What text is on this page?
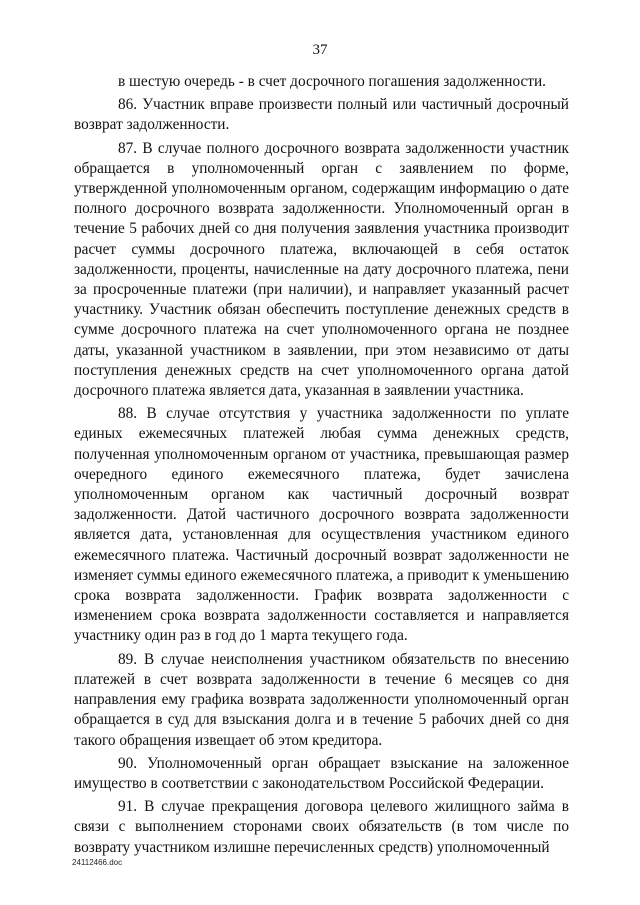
37

в шестую очередь - в счет досрочного погашения задолженности.

86. Участник вправе произвести полный или частичный досрочный возврат задолженности.

87. В случае полного досрочного возврата задолженности участник обращается в уполномоченный орган с заявлением по форме, утвержденной уполномоченным органом, содержащим информацию о дате полного досрочного возврата задолженности. Уполномоченный орган в течение 5 рабочих дней со дня получения заявления участника производит расчет суммы досрочного платежа, включающей в себя остаток задолженности, проценты, начисленные на дату досрочного платежа, пени за просроченные платежи (при наличии), и направляет указанный расчет участнику. Участник обязан обеспечить поступление денежных средств в сумме досрочного платежа на счет уполномоченного органа не позднее даты, указанной участником в заявлении, при этом независимо от даты поступления денежных средств на счет уполномоченного органа датой досрочного платежа является дата, указанная в заявлении участника.

88. В случае отсутствия у участника задолженности по уплате единых ежемесячных платежей любая сумма денежных средств, полученная уполномоченным органом от участника, превышающая размер очередного единого ежемесячного платежа, будет зачислена уполномоченным органом как частичный досрочный возврат задолженности. Датой частичного досрочного возврата задолженности является дата, установленная для осуществления участником единого ежемесячного платежа. Частичный досрочный возврат задолженности не изменяет суммы единого ежемесячного платежа, а приводит к уменьшению срока возврата задолженности. График возврата задолженности с изменением срока возврата задолженности составляется и направляется участнику один раз в год до 1 марта текущего года.

89. В случае неисполнения участником обязательств по внесению платежей в счет возврата задолженности в течение 6 месяцев со дня направления ему графика возврата задолженности уполномоченный орган обращается в суд для взыскания долга и в течение 5 рабочих дней со дня такого обращения извещает об этом кредитора.

90. Уполномоченный орган обращает взыскание на заложенное имущество в соответствии с законодательством Российской Федерации.

91. В случае прекращения договора целевого жилищного займа в связи с выполнением сторонами своих обязательств (в том числе по возврату участником излишне перечисленных средств) уполномоченный

24112466.doc
